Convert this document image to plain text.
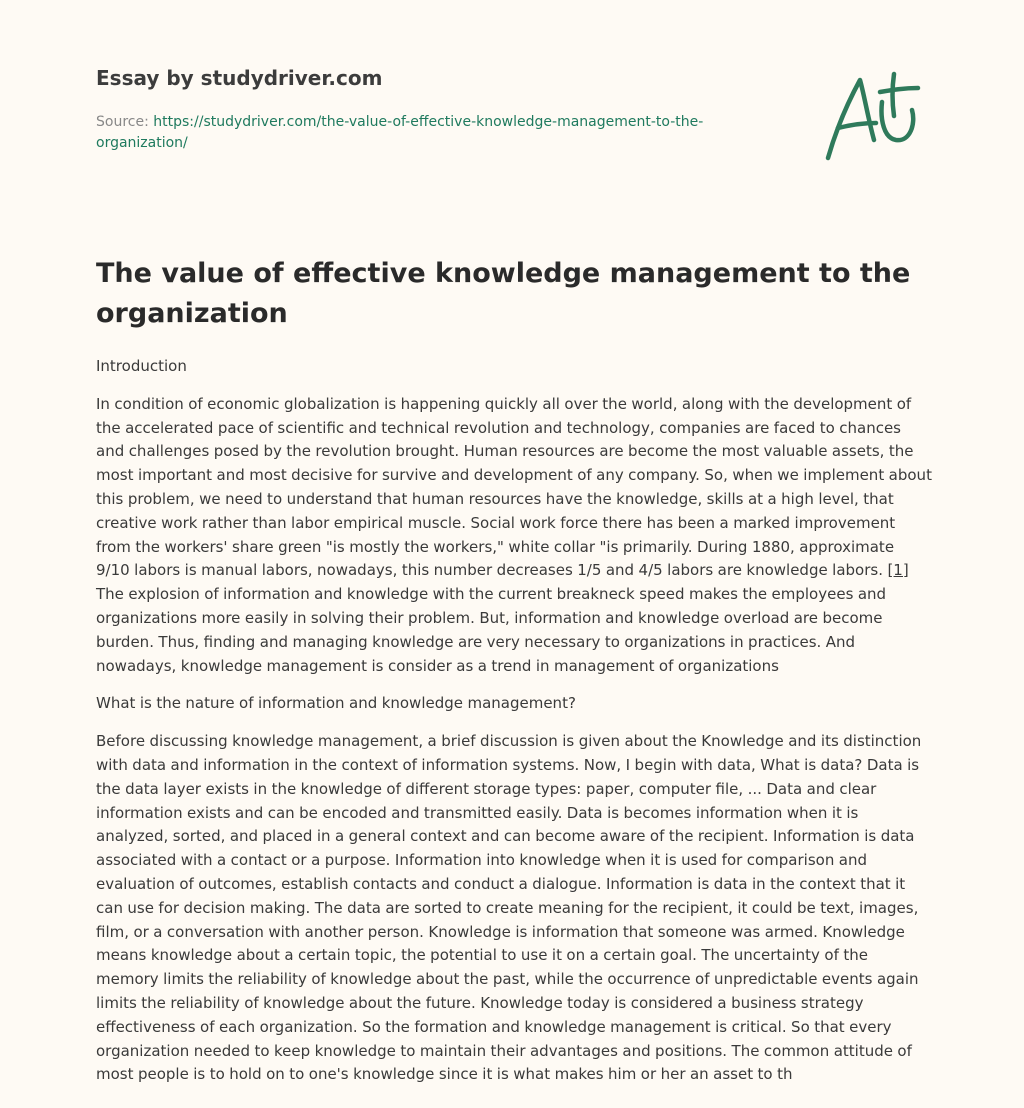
Essay by studydriver.com
Source: https://studydriver.com/the-value-of-effective-knowledge-management-to-the-organization/
The value of effective knowledge management to the organization

Introduction

In condition of economic globalization is happening quickly all over the world, along with the development of the accelerated pace of scientific and technical revolution and technology, companies are faced to chances and challenges posed by the revolution brought. Human resources are become the most valuable assets, the most important and most decisive for survive and development of any company. So, when we implement about this problem, we need to understand that human resources have the knowledge, skills at a high level, that creative work rather than labor empirical muscle. Social work force there has been a marked improvement from the workers' share green "is mostly the workers," white collar "is primarily. During 1880, approximate 9/10 labors is manual labors, nowadays, this number decreases 1/5 and 4/5 labors are knowledge labors. [1] The explosion of information and knowledge with the current breakneck speed makes the employees and organizations more easily in solving their problem. But, information and knowledge overload are become burden. Thus, finding and managing knowledge are very necessary to organizations in practices. And nowadays, knowledge management is consider as a trend in management of organizations

What is the nature of information and knowledge management?

Before discussing knowledge management, a brief discussion is given about the Knowledge and its distinction with data and information in the context of information systems. Now, I begin with data, What is data? Data is the data layer exists in the knowledge of different storage types: paper, computer file, ... Data and clear information exists and can be encoded and transmitted easily. Data is becomes information when it is analyzed, sorted, and placed in a general context and can become aware of the recipient. Information is data associated with a contact or a purpose. Information into knowledge when it is used for comparison and evaluation of outcomes, establish contacts and conduct a dialogue. Information is data in the context that it can use for decision making. The data are sorted to create meaning for the recipient, it could be text, images, film, or a conversation with another person. Knowledge is information that someone was armed. Knowledge means knowledge about a certain topic, the potential to use it on a certain goal. The uncertainty of the memory limits the reliability of knowledge about the past, while the occurrence of unpredictable events again limits the reliability of knowledge about the future. Knowledge today is considered a business strategy effectiveness of each organization. So the formation and knowledge management is critical. So that every organization needed to keep knowledge to maintain their advantages and positions. The common attitude of most people is to hold on to one's knowledge since it is what makes him or her an asset to th
